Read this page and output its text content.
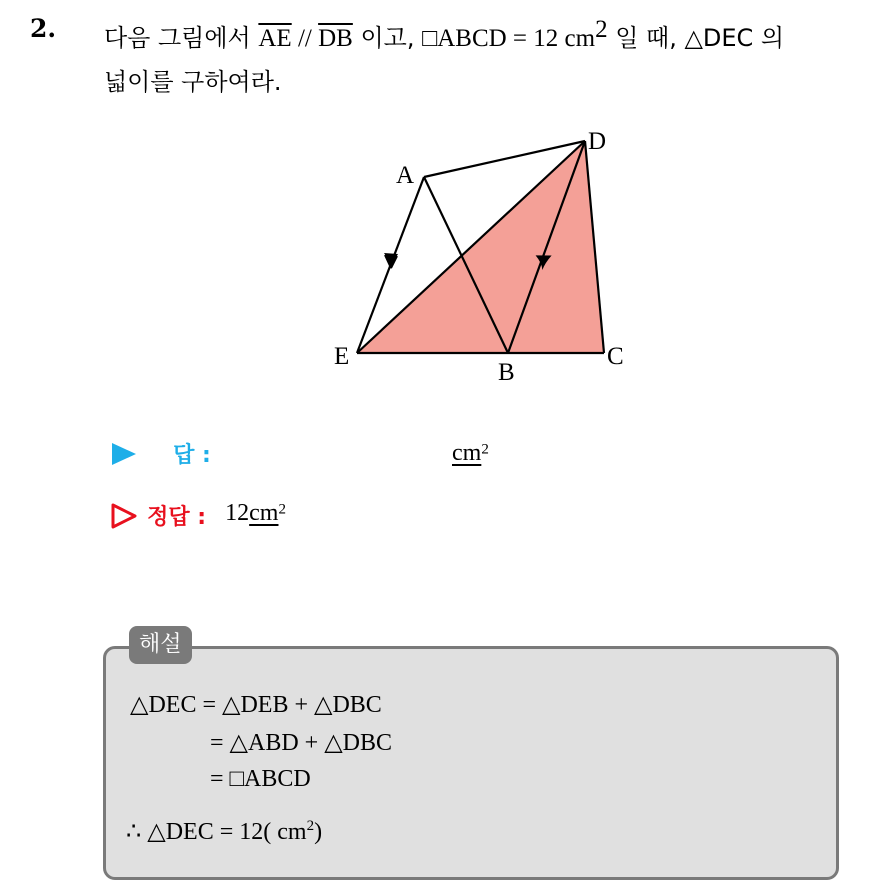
2. 다음 그림에서 $\overline{AE} // \overline{DB}$ 이고, □ABCD = 12 $cm^2$ 일 때, △DEC 의
넓이를 구하여라.
A
D
E
B
C
답 :	$cm^2$
정답 : $12cm^2$
해설
△DEC = △DEB + △DBC
= △ABD + △DBC
= □ABCD
∴ △DEC = 12( $cm^2$)
